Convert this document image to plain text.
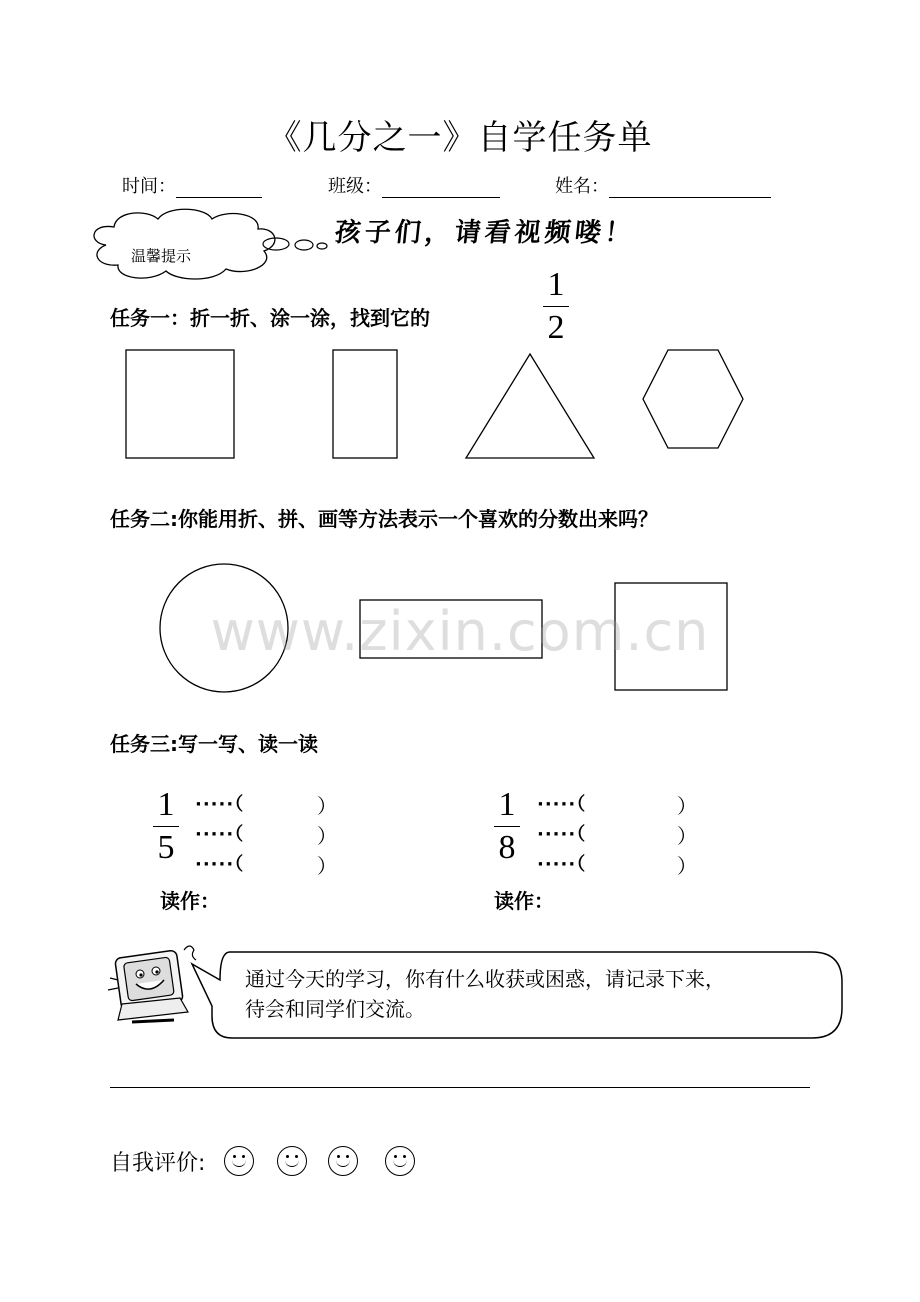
《几分之一》自学任务单
时间：	班级：	姓名：
温馨提示
孩子们，请看视频喽！
任务一：折一折、涂一涂，找到它的
1
2
任务二:你能用折、拼、画等方法表示一个喜欢的分数出来吗？
www.zixin.com.cn
任务三:写一写、读一读
1
5
·····（	）
·····（	）
·····（	）
读作：
1
8
·····（	）
·····（	）
·····（	）
读作：
通过今天的学习，你有什么收获或困惑，请记录下来，
待会和同学们交流。
自我评价:
